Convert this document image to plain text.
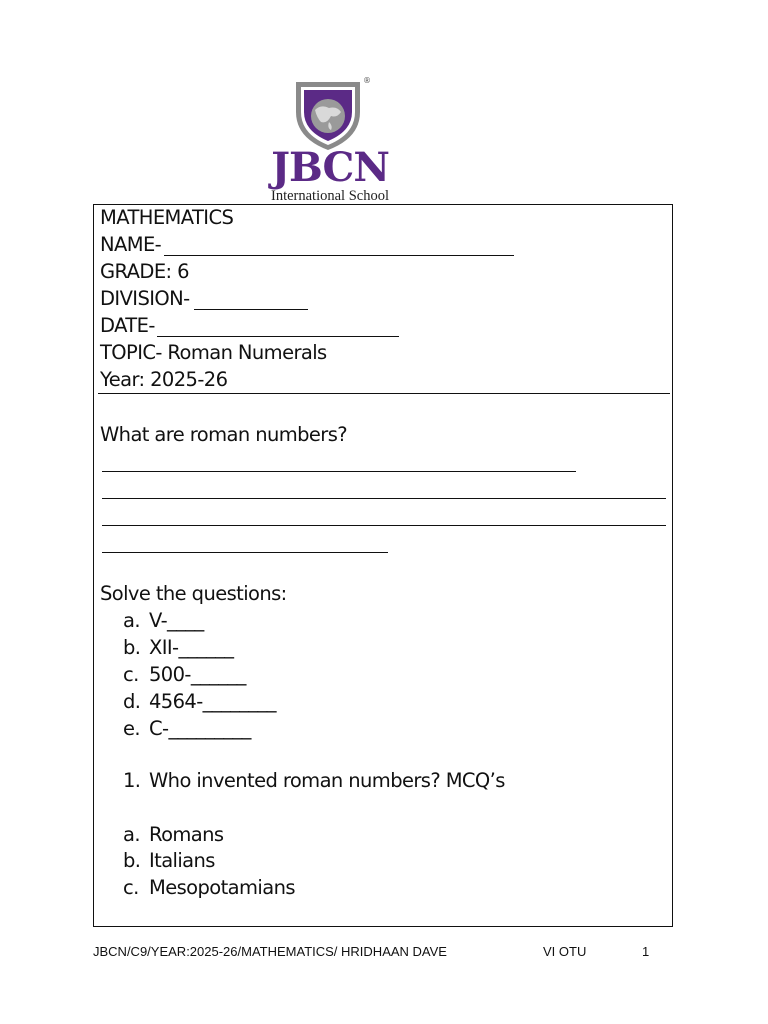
®
JBCN
International School
MATHEMATICS
NAME-
GRADE: 6
DIVISION-
DATE-
TOPIC- Roman Numerals
Year: 2025-26
What are roman numbers?
Solve the questions:
a. V-____
b. XII-______
c. 500-______
d. 4564-________
e. C-_________
1. Who invented roman numbers? MCQ’s
a. Romans
b. Italians
c. Mesopotamians
JBCN/C9/YEAR:2025-26/MATHEMATICS/ HRIDHAAN DAVE	VI OTU	1
